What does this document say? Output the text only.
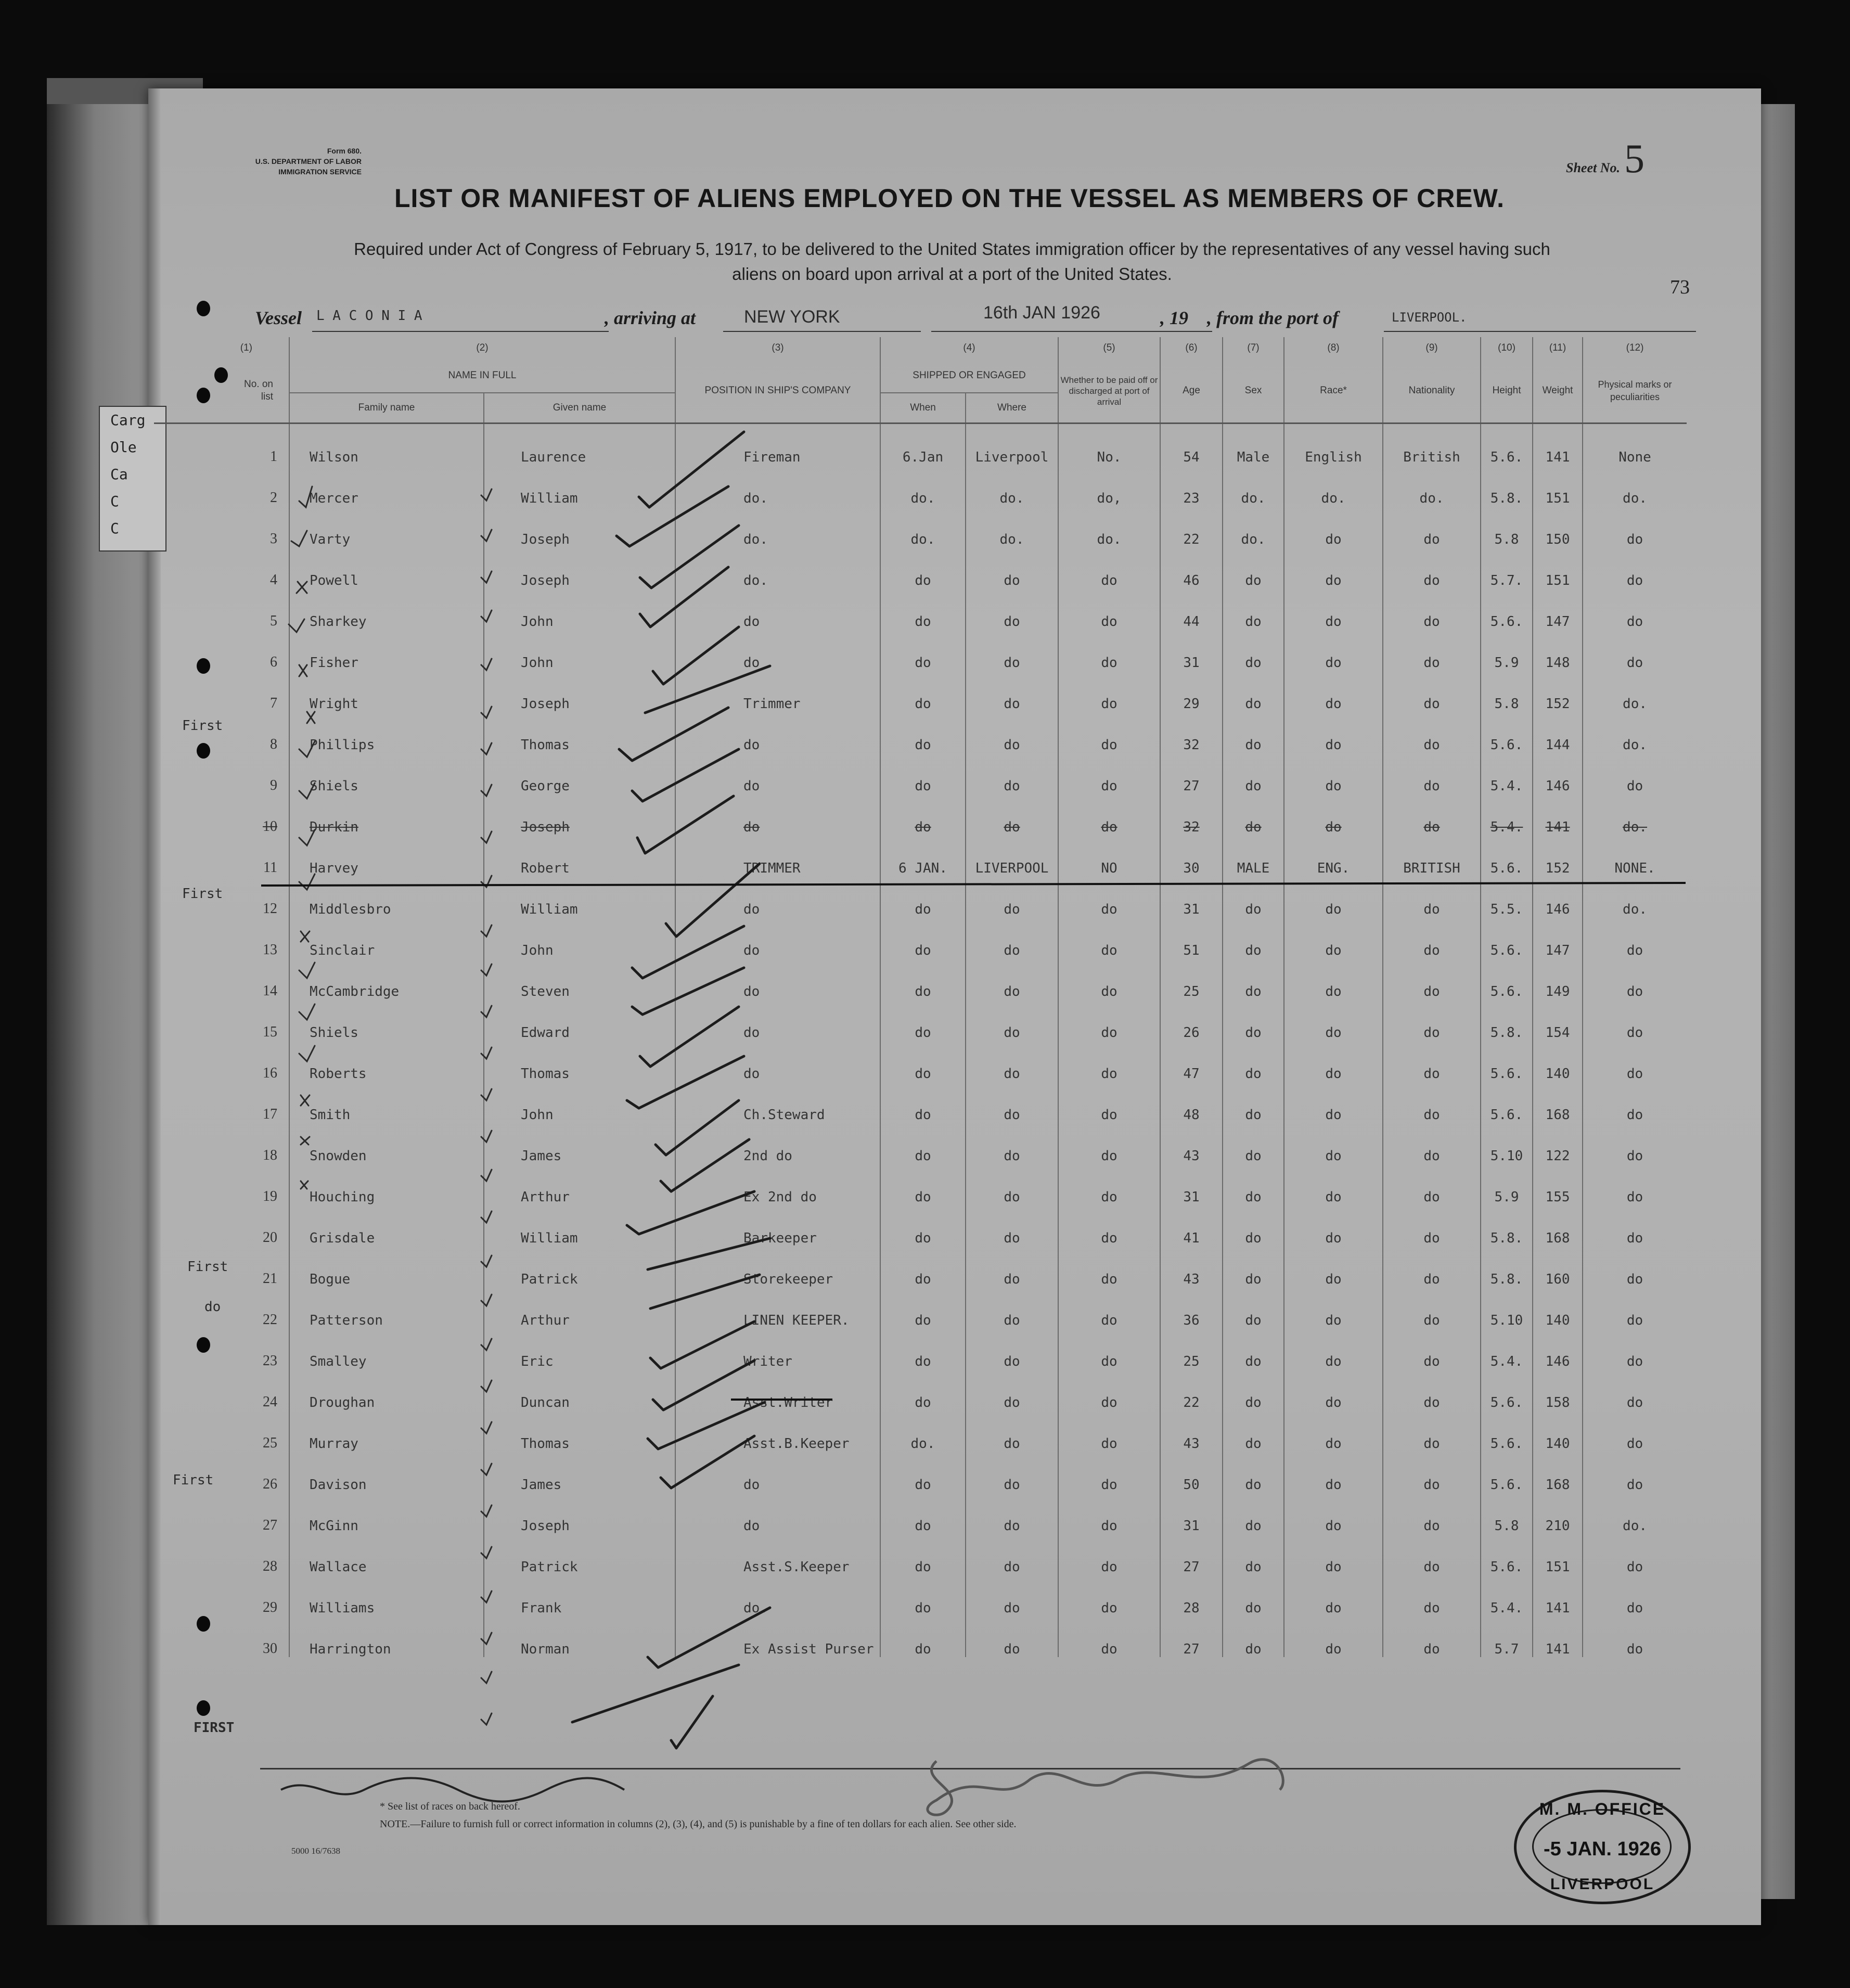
Carg
Ole
Ca
C
C
Form 680.
U.S. DEPARTMENT OF LABOR
IMMIGRATION SERVICE	Sheet No. 5
LIST OR MANIFEST OF ALIENS EMPLOYED ON THE VESSEL AS MEMBERS OF CREW.
Required under Act of Congress of February 5, 1917, to be delivered to the United States immigration officer by the representatives of any vessel having such
aliens on board upon arrival at a port of the United States.
73
Vessel L A C O N I A	, arriving at	NEW YORK	16th JAN 1926	, 19 , from the port of	LIVERPOOL.
(1)	(2)		(3)	(4)		(5)	(6)	(7)	(8)	(9)	(10)	(11)	(12)

No. on list	NAME IN FULL		POSITION IN SHIP'S COMPANY	SHIPPED OR ENGAGED		Whether to be paid off or discharged at port of arrival	Age	Sex	Race*	Nationality	Height	Weight	Physical marks or peculiarities
	Family name	Given name		When	Where								
1	Wilson	Laurence	Fireman	6.Jan	Liverpool	No.	54	Male	English	British	5.6.	141	None
2	Mercer	William	do.	do.	do.	do,	23	do.	do.	do.	5.8.	151	do.
3	Varty	Joseph	do.	do.	do.	do.	22	do.	do	do	5.8	150	do
4	Powell	Joseph	do.	do	do	do	46	do	do	do	5.7.	151	do
5	Sharkey	John	do	do	do	do	44	do	do	do	5.6.	147	do
6	Fisher	John	do	do	do	do	31	do	do	do	5.9	148	do
7	Wright	Joseph	Trimmer	do	do	do	29	do	do	do	5.8	152	do.
8	Phillips	Thomas	do	do	do	do	32	do	do	do	5.6.	144	do.
9	Shiels	George	do	do	do	do	27	do	do	do	5.4.	146	do
10	Durkin	Joseph	do	do	do	do	32	do	do	do	5.4.	141	do.
11	Harvey	Robert	TRIMMER	6 JAN.	LIVERPOOL	NO	30	MALE	ENG.	BRITISH	5.6.	152	NONE.
12	Middlesbro	William	do	do	do	do	31	do	do	do	5.5.	146	do.
13	Sinclair	John	do	do	do	do	51	do	do	do	5.6.	147	do
14	McCambridge	Steven	do	do	do	do	25	do	do	do	5.6.	149	do
15	Shiels	Edward	do	do	do	do	26	do	do	do	5.8.	154	do
16	Roberts	Thomas	do	do	do	do	47	do	do	do	5.6.	140	do
17	Smith	John	Ch.Steward	do	do	do	48	do	do	do	5.6.	168	do
18	Snowden	James	2nd do	do	do	do	43	do	do	do	5.10	122	do
19	Houching	Arthur	Ex 2nd do	do	do	do	31	do	do	do	5.9	155	do
20	Grisdale	William	Barkeeper	do	do	do	41	do	do	do	5.8.	168	do
21	Bogue	Patrick	Storekeeper	do	do	do	43	do	do	do	5.8.	160	do
22	Patterson	Arthur	LINEN KEEPER.	do	do	do	36	do	do	do	5.10	140	do
23	Smalley	Eric	Writer	do	do	do	25	do	do	do	5.4.	146	do
24	Droughan	Duncan	Asst.Writer	do	do	do	22	do	do	do	5.6.	158	do
25	Murray	Thomas	Asst.B.Keeper	do.	do	do	43	do	do	do	5.6.	140	do
26	Davison	James	do	do	do	do	50	do	do	do	5.6.	168	do
27	McGinn	Joseph	do	do	do	do	31	do	do	do	5.8	210	do.
28	Wallace	Patrick	Asst.S.Keeper	do	do	do	27	do	do	do	5.6.	151	do
29	Williams	Frank	do.	do	do	do	28	do	do	do	5.4.	141	do
30	Harrington	Norman	Ex Assist Purser	do	do	do	27	do	do	do	5.7	141	do
First
First
First
do
First
FIRST
* See list of races on back hereof.
NOTE.—Failure to furnish full or correct information in columns (2), (3), (4), and (5) is punishable by a fine of ten dollars for each alien. See other side.
5000 16/7638
M. M. OFFICE
-5 JAN. 1926
LIVERPOOL
